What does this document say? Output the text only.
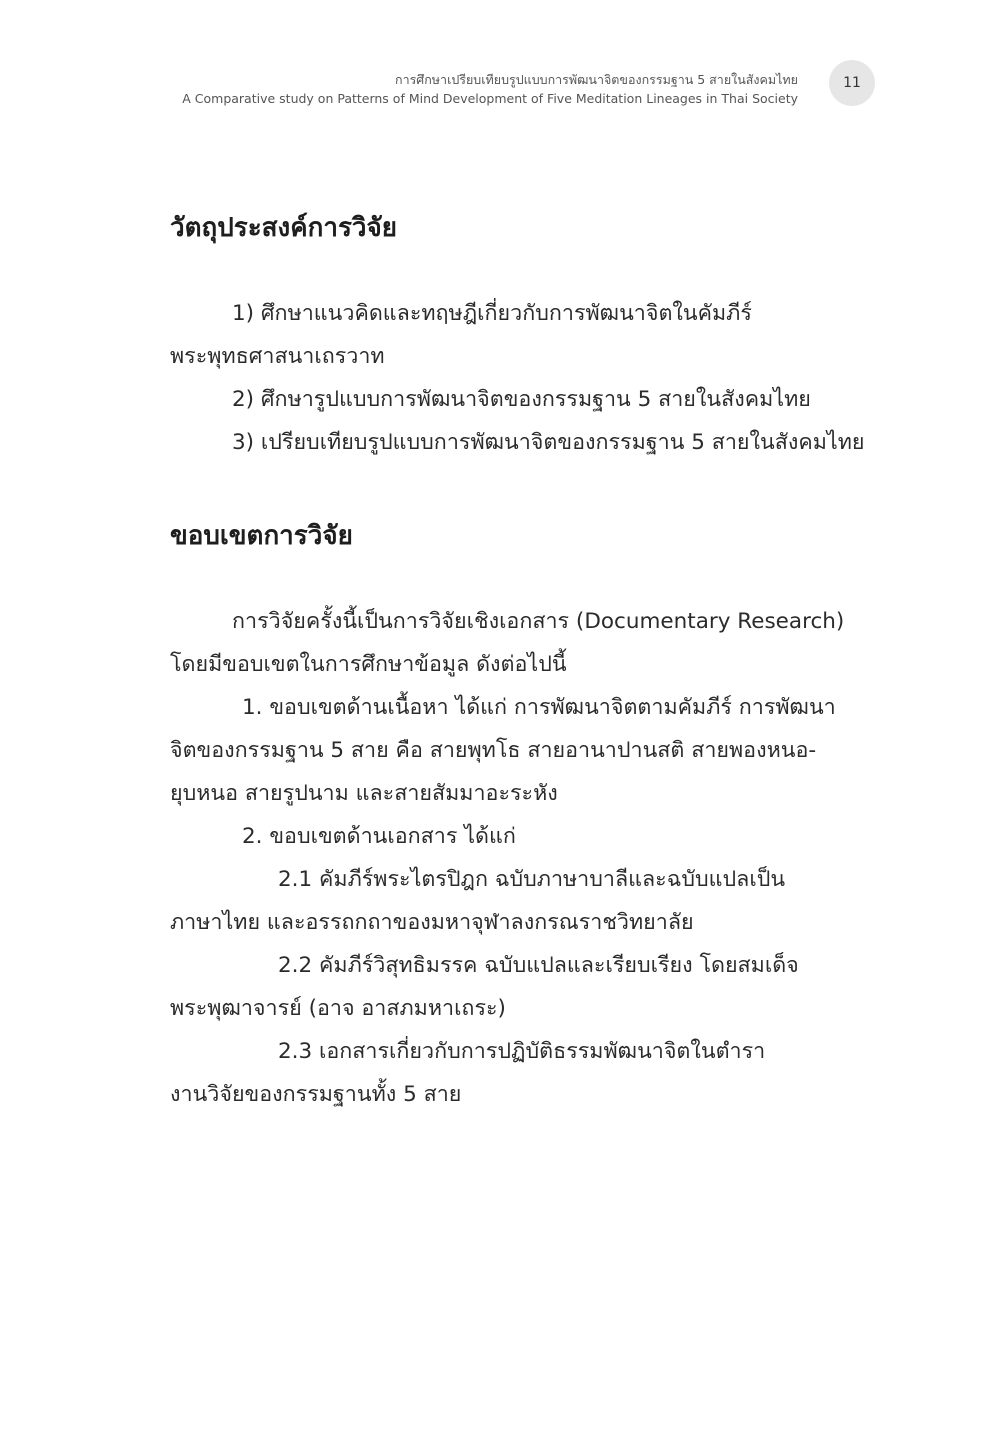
การศึกษาเปรียบเทียบรูปแบบการพัฒนาจิตของกรรมฐาน 5 สายในสังคมไทย
A Comparative study on Patterns of Mind Development of Five Meditation Lineages in Thai Society
11
วัตถุประสงค์การวิจัย

1) ศึกษาแนวคิดและทฤษฎีเกี่ยวกับการพัฒนาจิตในคัมภีร์

พระพุทธศาสนาเถรวาท

2) ศึกษารูปแบบการพัฒนาจิตของกรรมฐาน 5 สายในสังคมไทย

3) เปรียบเทียบรูปแบบการพัฒนาจิตของกรรมฐาน 5 สายในสังคมไทย

ขอบเขตการวิจัย

การวิจัยครั้งนี้เป็นการวิจัยเชิงเอกสาร (Documentary Research)

โดยมีขอบเขตในการศึกษาข้อมูล ดังต่อไปนี้

1. ขอบเขตด้านเนื้อหา ได้แก่ การพัฒนาจิตตามคัมภีร์ การพัฒนา

จิตของกรรมฐาน 5 สาย คือ สายพุทโธ สายอานาปานสติ สายพองหนอ-

ยุบหนอ สายรูปนาม และสายสัมมาอะระหัง

2. ขอบเขตด้านเอกสาร ได้แก่

2.1 คัมภีร์พระไตรปิฎก ฉบับภาษาบาลีและฉบับแปลเป็น

ภาษาไทย และอรรถกถาของมหาจุฬาลงกรณราชวิทยาลัย

2.2 คัมภีร์วิสุทธิมรรค ฉบับแปลและเรียบเรียง โดยสมเด็จ

พระพุฒาจารย์ (อาจ อาสภมหาเถระ)

2.3 เอกสารเกี่ยวกับการปฏิบัติธรรมพัฒนาจิตในตำรา

งานวิจัยของกรรมฐานทั้ง 5 สาย
